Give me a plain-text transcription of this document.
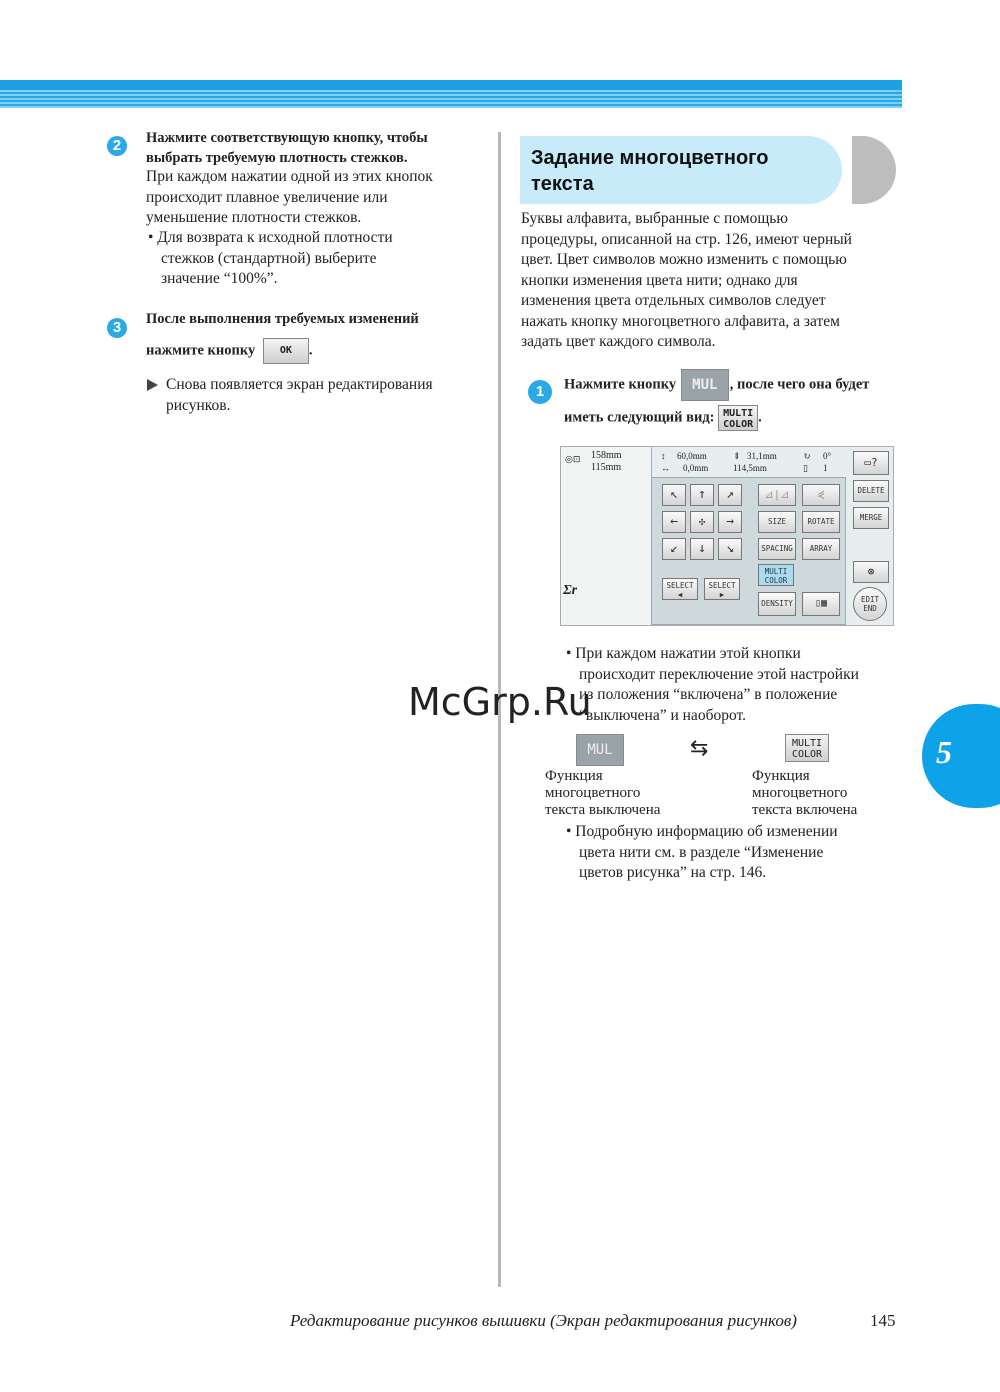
2	Нажмите соответствующую кнопку, чтобы
выбрать требуемую плотность стежков.
При каждом нажатии одной из этих кнопок
происходит плавное увеличение или
уменьшение плотности стежков.
• Для возврата к исходной плотности
стежков (стандартной) выберите
значение “100%”.
3	После выполнения требуемых изменений
нажмите кнопку OK .
Снова появляется экран редактирования
рисунков.
Задание многоцветного
текста
Буквы алфавита, выбранные с помощью
процедуры, описанной на стр. 126, имеют черный
цвет. Цвет символов можно изменить с помощью
кнопки изменения цвета нити; однако для
изменения цвета отдельных символов следует
нажать кнопку многоцветного алфавита, а затем
задать цвет каждого символа.
1	Нажмите кнопку MUL , после чего она будет
иметь следующий вид: MULTI
COLOR .
◎⊡ 158mm
115mm
Σr
↕ 60,0mm
↔ 0,0mm
⇕ 31,1mm
114,5mm
↻ 0°
▯ 1
↖	↑	↗
←	✣	→
↙	↓	↘
⊿|⊿	⋞
SIZE	ROTATE
SPACING	ARRAY
MULTI
COLOR
SELECT
◀
SELECT
▶
DENSITY	▯▦
▭?
DELETE
MERGE
⊛
EDIT
END
• При каждом нажатии этой кнопки
происходит переключение этой настройки
из положения “включена” в положение
“выключена” и наоборот.
McGrp.Ru
MUL	⇆	MULTI
COLOR
Функция
многоцветного
текста выключена
Функция
многоцветного
текста включена
• Подробную информацию об изменении
цвета нити см. в разделе “Изменение
цветов рисунка” на стр. 146.
5
Редактирование рисунков вышивки (Экран редактирования рисунков)	145
